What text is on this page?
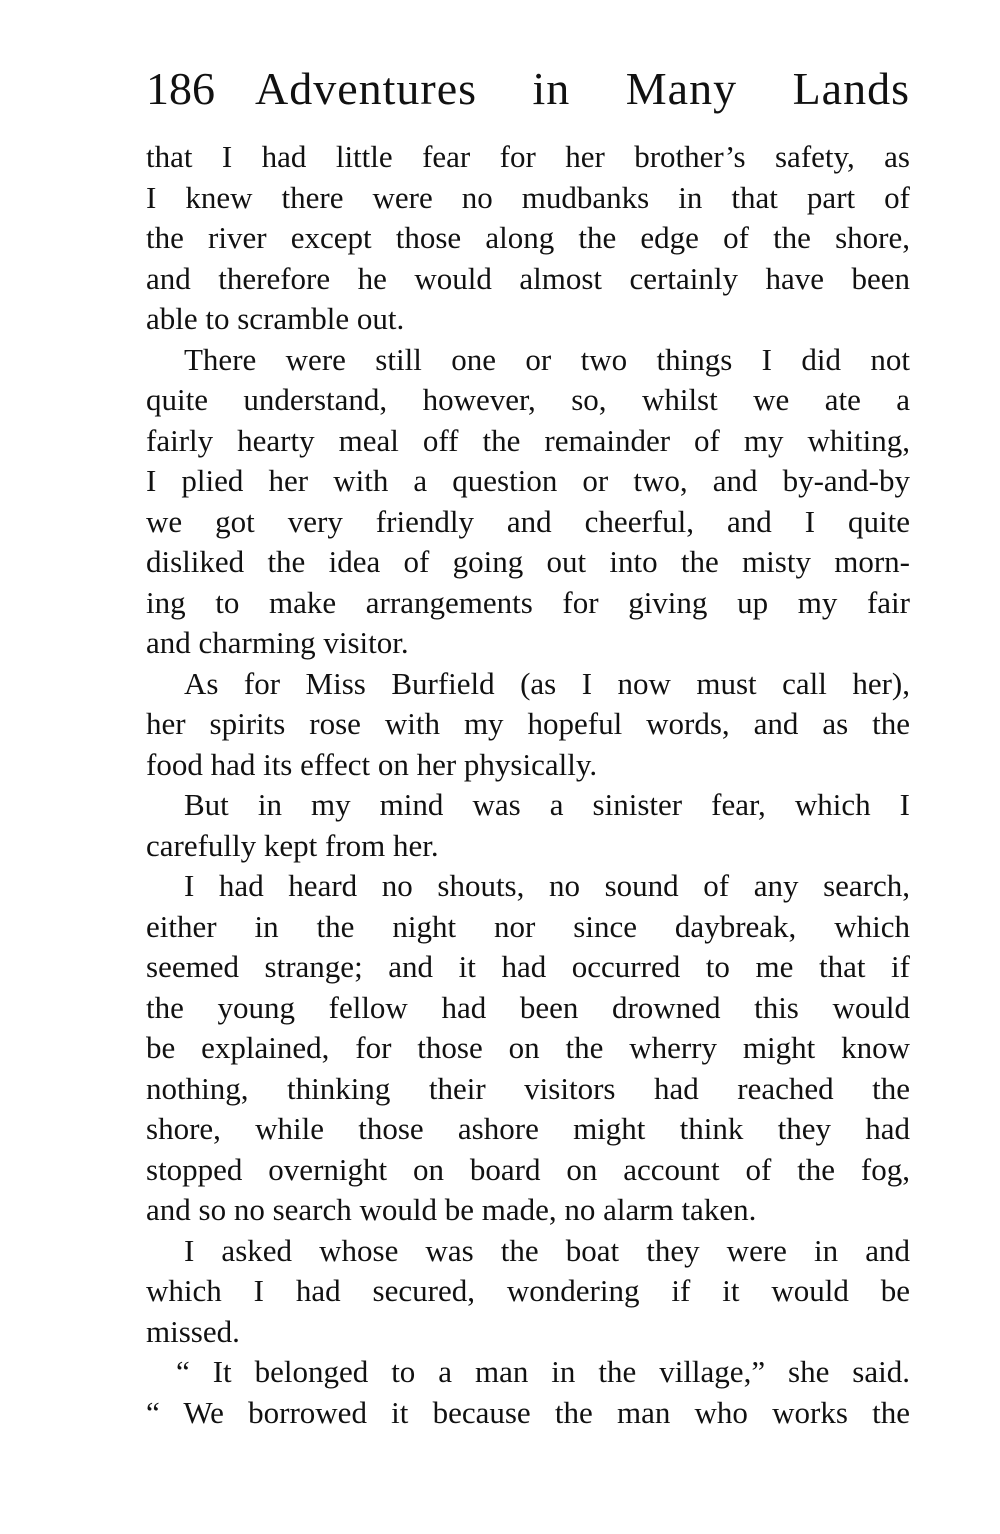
186 Adventures in Many Lands
that I had little fear for her brother’s safety, as
I knew there were no mudbanks in that part of
the river except those along the edge of the shore,
and therefore he would almost certainly have been
able to scramble out.
There were still one or two things I did not
quite understand, however, so, whilst we ate a
fairly hearty meal off the remainder of my whiting,
I plied her with a question or two, and by-and-by
we got very friendly and cheerful, and I quite
disliked the idea of going out into the misty morn-
ing to make arrangements for giving up my fair
and charming visitor.
As for Miss Burfield (as I now must call her),
her spirits rose with my hopeful words, and as the
food had its effect on her physically.
But in my mind was a sinister fear, which I
carefully kept from her.
I had heard no shouts, no sound of any search,
either in the night nor since daybreak, which
seemed strange; and it had occurred to me that if
the young fellow had been drowned this would
be explained, for those on the wherry might know
nothing, thinking their visitors had reached the
shore, while those ashore might think they had
stopped overnight on board on account of the fog,
and so no search would be made, no alarm taken.
I asked whose was the boat they were in and
which I had secured, wondering if it would be
missed.
“ It belonged to a man in the village,” she said.
“ We borrowed it because the man who works the
